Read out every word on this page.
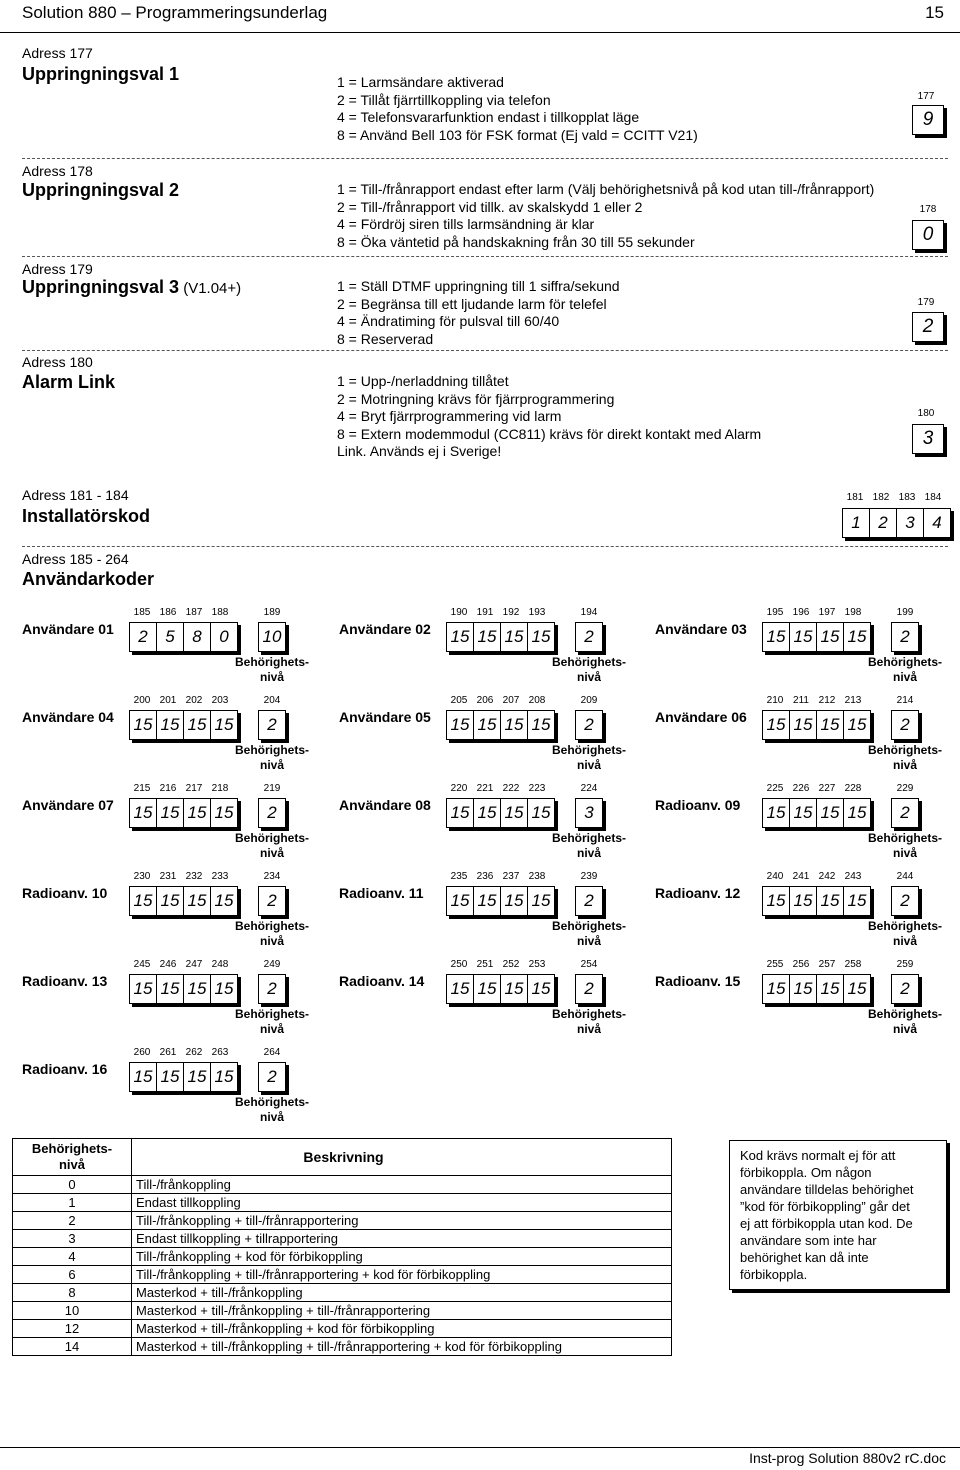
Solution 880 – Programmeringsunderlag	15
Adress 177
Uppringningsval 1	1 = Larmsändare aktiverad
2 = Tillåt fjärrtillkoppling via telefon
4 = Telefonsvararfunktion endast i tillkopplat läge
8 = Använd Bell 103 för FSK format (Ej vald = CCITT V21)
177
9
Adress 178
Uppringningsval 2	1 = Till-/frånrapport endast efter larm (Välj behörighetsnivå på kod utan till-/frånrapport)
2 = Till-/frånrapport vid tillk. av skalskydd 1 eller 2
4 = Fördröj siren tills larmsändning är klar
8 = Öka väntetid på handskakning från 30 till 55 sekunder
178
0
Adress 179
Uppringningsval 3 (V1.04+)	1 = Ställ DTMF uppringning till 1 siffra/sekund
2 = Begränsa till ett ljudande larm för telefel
4 = Ändratiming för pulsval till 60/40
8 = Reserverad
179
2
Adress 180
Alarm Link	1 = Upp-/nerladdning tillåtet
2 = Motringning krävs för fjärrprogrammering
4 = Bryt fjärrprogrammering vid larm
8 = Extern modemmodul (CC811) krävs för direkt kontakt med Alarm
Link. Används ej i Sverige!
180
3
Adress 181 - 184
Installatörskod
181 182 183 184
1	2	3	4
Adress 185 - 264
Användarkoder
Användare 01
185 186 187 188
2	5	8	0
189
10
Behörighets-
nivå
Användare 02
190 191 192 193
15 15 15 15
194
2
Behörighets-
nivå
Användare 03
195 196 197 198
15 15 15 15
199
2
Behörighets-
nivå
Användare 04
200 201 202 203
15 15 15 15
204
2
Behörighets-
nivå
Användare 05
205 206 207 208
15 15 15 15
209
2
Behörighets-
nivå
Användare 06
210 211 212 213
15 15 15 15
214
2
Behörighets-
nivå
Användare 07
215 216 217 218
15 15 15 15
219
2
Behörighets-
nivå
Användare 08
220 221 222 223
15 15 15 15
224
3
Behörighets-
nivå
Radioanv. 09
225 226 227 228
15 15 15 15
229
2
Behörighets-
nivå
Radioanv. 10
230 231 232 233
15 15 15 15
234
2
Behörighets-
nivå
Radioanv. 11
235 236 237 238
15 15 15 15
239
2
Behörighets-
nivå
Radioanv. 12
240 241 242 243
15 15 15 15
244
2
Behörighets-
nivå
Radioanv. 13
245 246 247 248
15 15 15 15
249
2
Behörighets-
nivå
Radioanv. 14
250 251 252 253
15 15 15 15
254
2
Behörighets-
nivå
Radioanv. 15
255 256 257 258
15 15 15 15
259
2
Behörighets-
nivå
Radioanv. 16
260 261 262 263
15 15 15 15
264
2
Behörighets-
nivå
Behörighets-
nivå	Beskrivning
0	Till-/frånkoppling
1	Endast tillkoppling
2	Till-/frånkoppling + till-/frånrapportering
3	Endast tillkoppling + tillrapportering
4	Till-/frånkoppling + kod för förbikoppling
6	Till-/frånkoppling + till-/frånrapportering + kod för förbikoppling
8	Masterkod + till-/frånkoppling
10	Masterkod + till-/frånkoppling + till-/frånrapportering
12	Masterkod + till-/frånkoppling + kod för förbikoppling
14	Masterkod + till-/frånkoppling + till-/frånrapportering + kod för förbikoppling
Kod krävs normalt ej för att
förbikoppla. Om någon
användare tilldelas behörighet
”kod för förbikoppling” går det
ej att förbikoppla utan kod. De
användare som inte har
behörighet kan då inte
förbikoppla.
Inst-prog Solution 880v2 rC.doc
